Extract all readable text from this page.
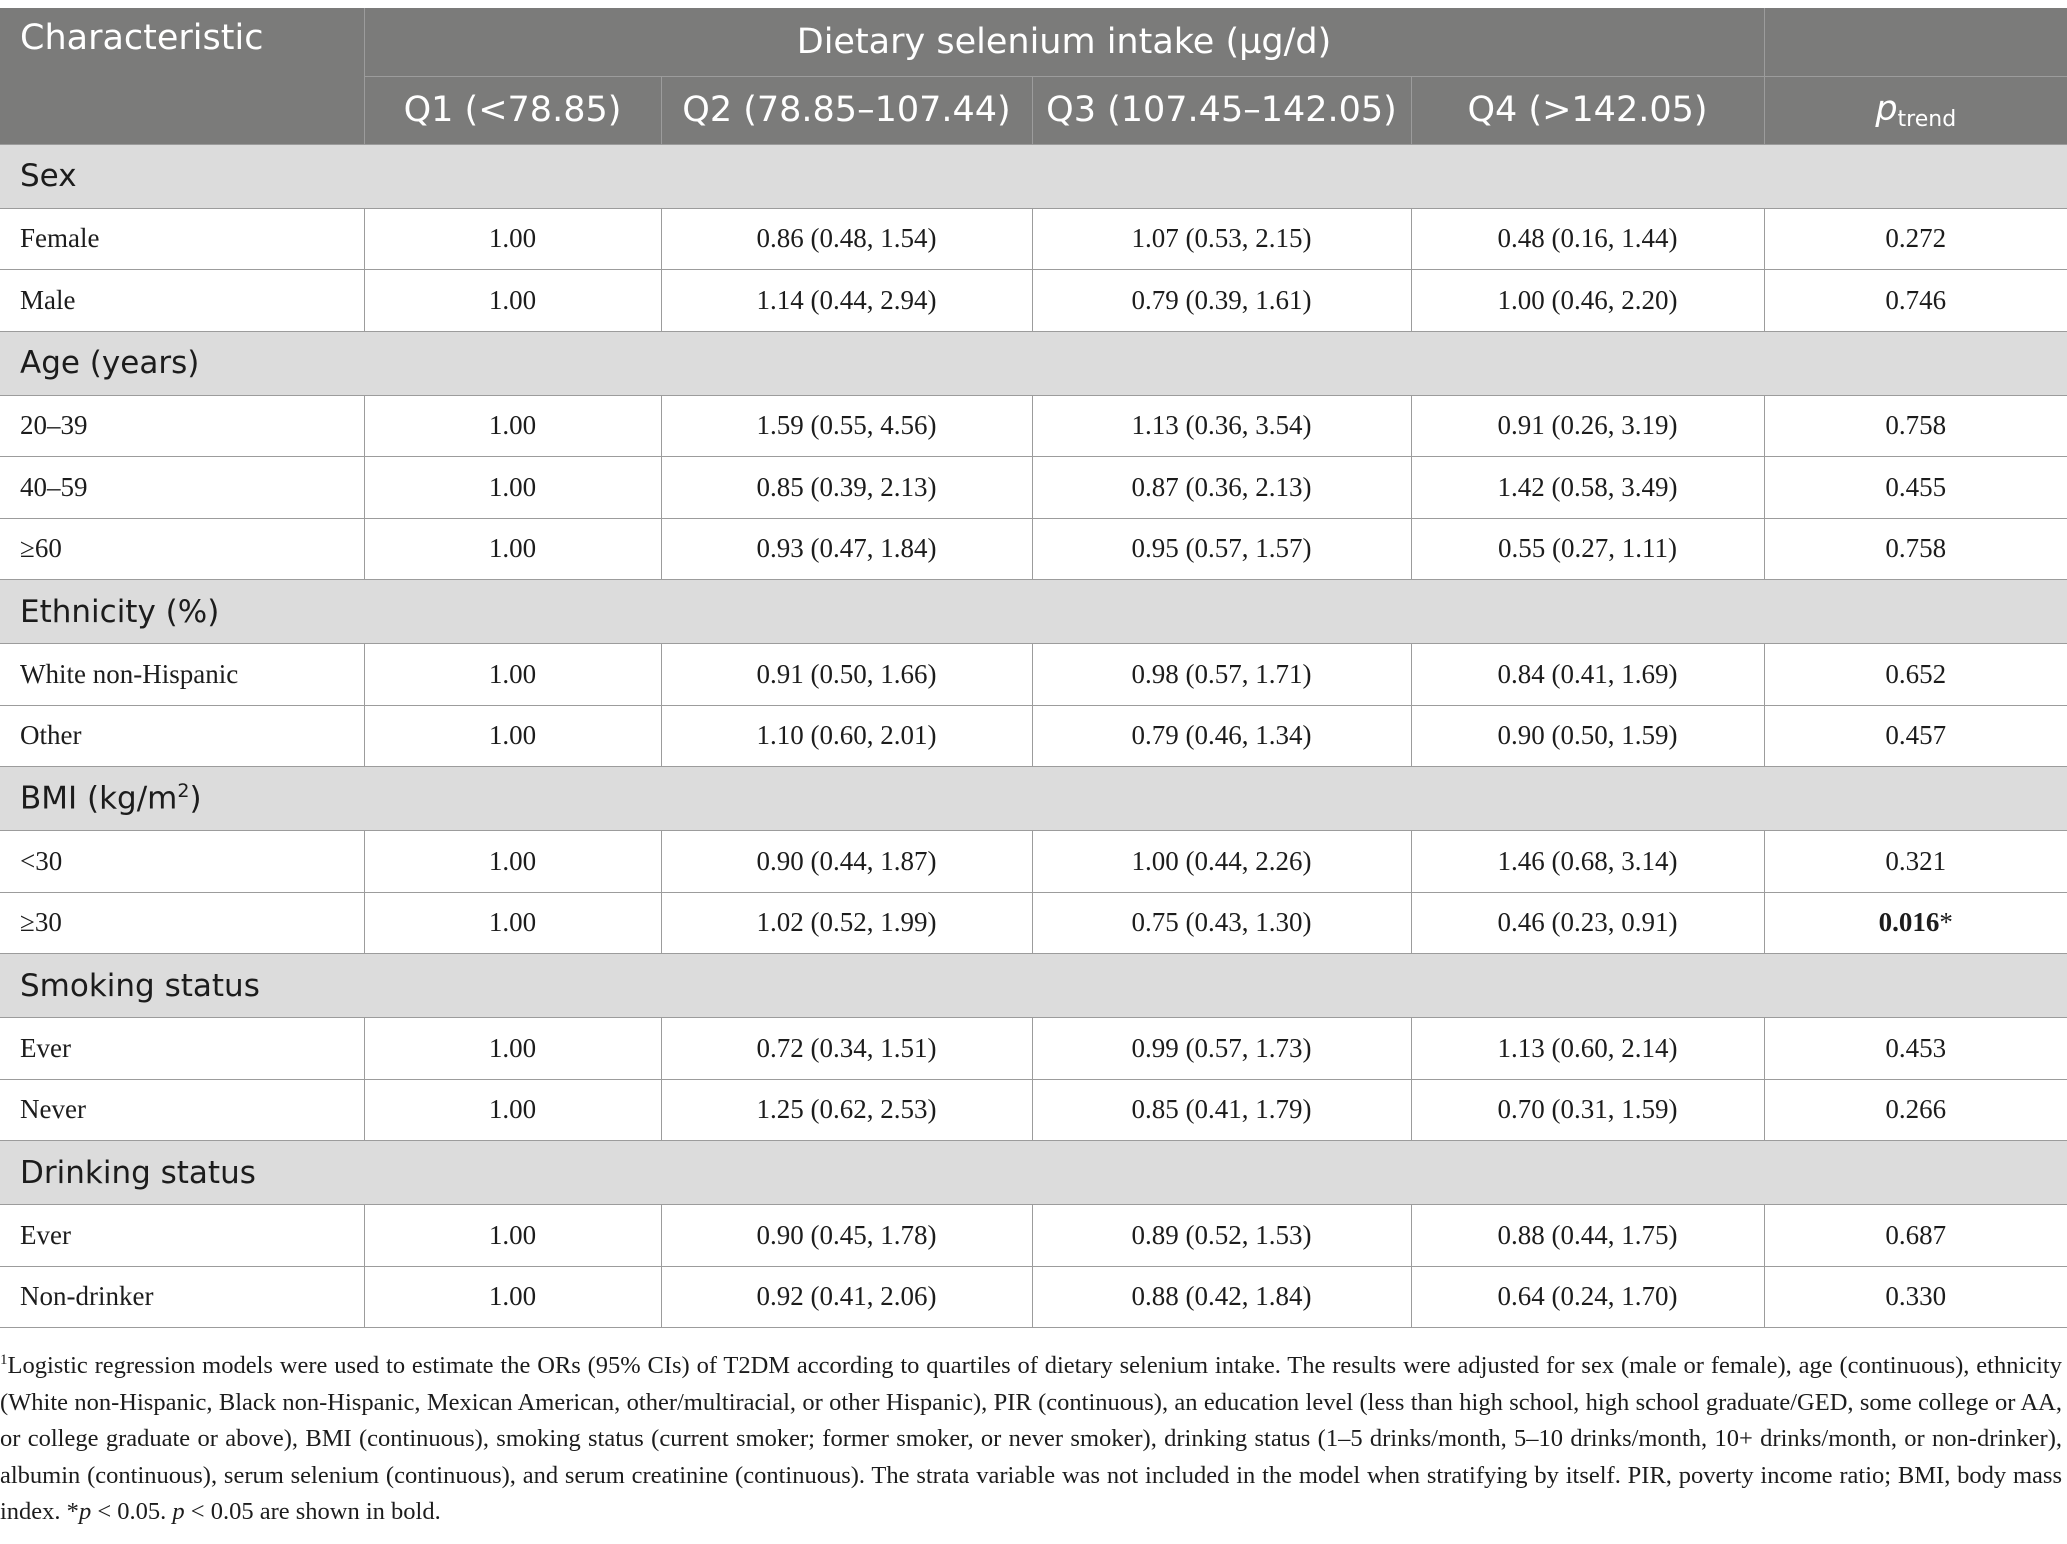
Characteristic	Dietary selenium intake (µg/d)				
	Q1 (<78.85)	Q2 (78.85–107.44)	Q3 (107.45–142.05)	Q4 (>142.05)	$p_{trend}$
Sex					
Female	1.00	0.86 (0.48, 1.54)	1.07 (0.53, 2.15)	0.48 (0.16, 1.44)	0.272
Male	1.00	1.14 (0.44, 2.94)	0.79 (0.39, 1.61)	1.00 (0.46, 2.20)	0.746
Age (years)					
20–39	1.00	1.59 (0.55, 4.56)	1.13 (0.36, 3.54)	0.91 (0.26, 3.19)	0.758
40–59	1.00	0.85 (0.39, 2.13)	0.87 (0.36, 2.13)	1.42 (0.58, 3.49)	0.455
≥60	1.00	0.93 (0.47, 1.84)	0.95 (0.57, 1.57)	0.55 (0.27, 1.11)	0.758
Ethnicity (%)					
White non-Hispanic	1.00	0.91 (0.50, 1.66)	0.98 (0.57, 1.71)	0.84 (0.41, 1.69)	0.652
Other	1.00	1.10 (0.60, 2.01)	0.79 (0.46, 1.34)	0.90 (0.50, 1.59)	0.457
BMI $(kg/m^2)$					
<30	1.00	0.90 (0.44, 1.87)	1.00 (0.44, 2.26)	1.46 (0.68, 3.14)	0.321
≥30	1.00	1.02 (0.52, 1.99)	0.75 (0.43, 1.30)	0.46 (0.23, 0.91)	0.016*
Smoking status					
Ever	1.00	0.72 (0.34, 1.51)	0.99 (0.57, 1.73)	1.13 (0.60, 2.14)	0.453
Never	1.00	1.25 (0.62, 2.53)	0.85 (0.41, 1.79)	0.70 (0.31, 1.59)	0.266
Drinking status					
Ever	1.00	0.90 (0.45, 1.78)	0.89 (0.52, 1.53)	0.88 (0.44, 1.75)	0.687
Non-drinker	1.00	0.92 (0.41, 2.06)	0.88 (0.42, 1.84)	0.64 (0.24, 1.70)	0.330
$^1$Logistic regression models were used to estimate the ORs (95% CIs) of T2DM according to quartiles of dietary selenium intake. The results were adjusted for sex (male or female), age (continuous), ethnicity (White non-Hispanic, Black non-Hispanic, Mexican American, other/multiracial, or other Hispanic), PIR (continuous), an education level (less than high school, high school graduate/GED, some college or AA, or college graduate or above), BMI (continuous), smoking status (current smoker; former smoker, or never smoker), drinking status (1–5 drinks/month, 5–10 drinks/month, 10+ drinks/month, or non-drinker), albumin (continuous), serum selenium (continuous), and serum creatinine (continuous). The strata variable was not included in the model when stratifying by itself. PIR, poverty income ratio; BMI, body mass index. *p < 0.05. p < 0.05 are shown in bold.
